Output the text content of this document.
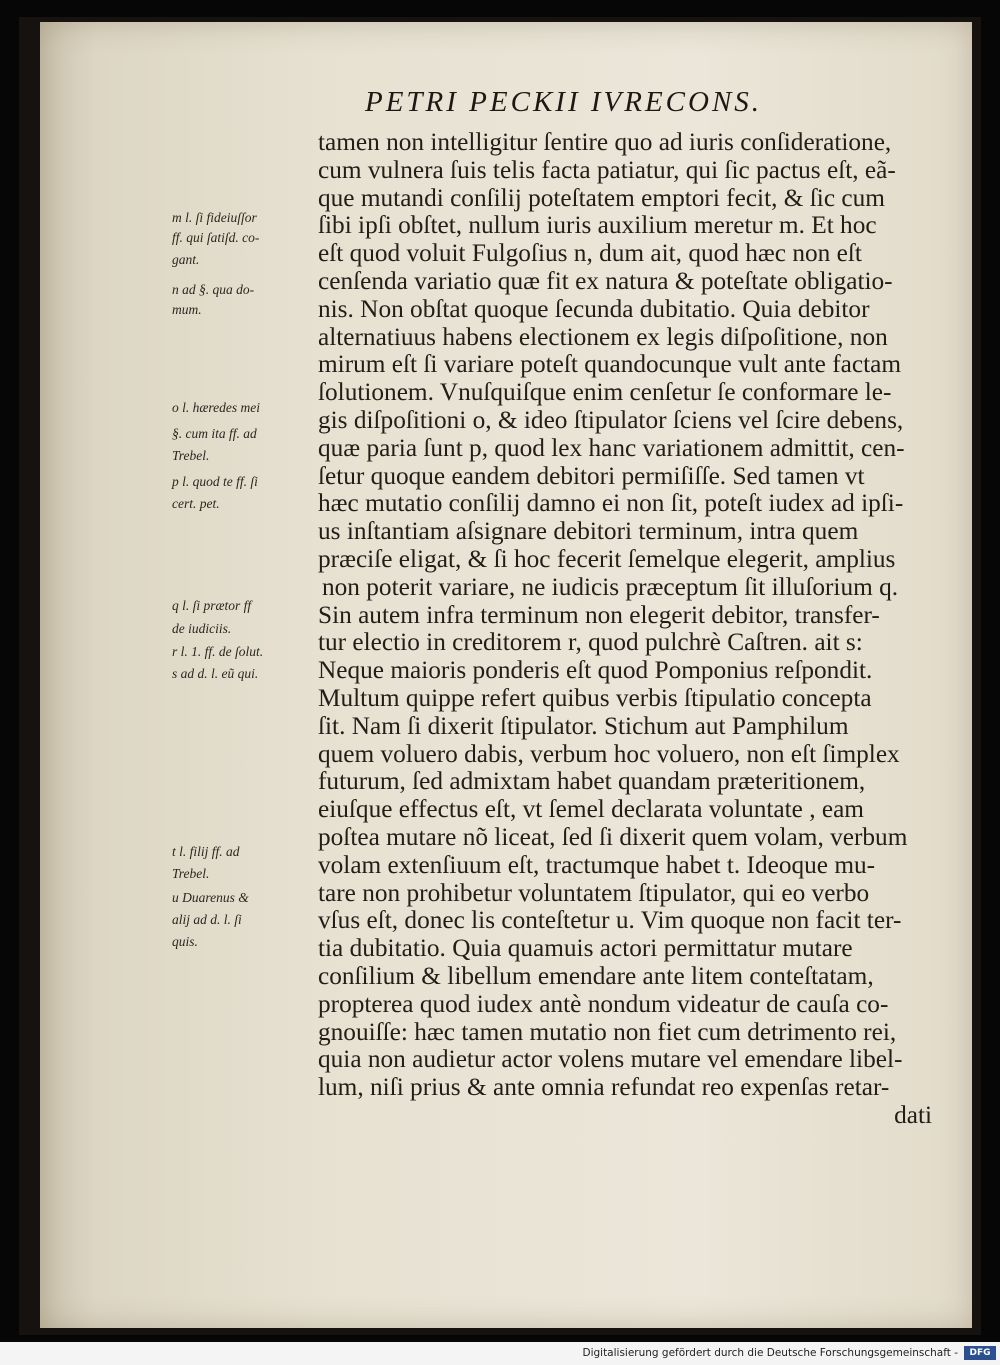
PETRI PECKII IVRECONS.
tamen non intelligitur ſentire quo ad iuris conſideratione,
cum vulnera ſuis telis facta patiatur, qui ſic pactus eſt, eã-
que mutandi conſilij poteſtatem emptori fecit, & ſic cum
ſibi ipſi obſtet, nullum iuris auxilium meretur m. Et hoc
eſt quod voluit Fulgoſius n, dum ait, quod hæc non eſt
cenſenda variatio quæ fit ex natura & poteſtate obligatio-
nis. Non obſtat quoque ſecunda dubitatio. Quia debitor
alternatiuus habens electionem ex legis diſpoſitione, non
mirum eſt ſi variare poteſt quandocunque vult ante factam
ſolutionem. Vnuſquiſque enim cenſetur ſe conformare le-
gis diſpoſitioni o, & ideo ſtipulator ſciens vel ſcire debens,
quæ paria ſunt p, quod lex hanc variationem admittit, cen-
ſetur quoque eandem debitori permiſiſſe. Sed tamen vt
hæc mutatio conſilij damno ei non ſit, poteſt iudex ad ipſi-
us inſtantiam aſsignare debitori terminum, intra quem
præciſe eligat, & ſi hoc fecerit ſemelque elegerit, amplius
non poterit variare, ne iudicis præceptum ſit illuſorium q.
Sin autem infra terminum non elegerit debitor, transfer-
tur electio in creditorem r, quod pulchrè Caſtren. ait s:
Neque maioris ponderis eſt quod Pomponius reſpondit.
Multum quippe refert quibus verbis ſtipulatio concepta
ſit. Nam ſi dixerit ſtipulator. Stichum aut Pamphilum
quem voluero dabis, verbum hoc voluero, non eſt ſimplex
futurum, ſed admixtam habet quandam præteritionem,
eiuſque effectus eſt, vt ſemel declarata voluntate , eam
poſtea mutare nõ liceat, ſed ſi dixerit quem volam, verbum
volam extenſiuum eſt, tractumque habet t. Ideoque mu-
tare non prohibetur voluntatem ſtipulator, qui eo verbo
vſus eſt, donec lis conteſtetur u. Vim quoque non facit ter-
tia dubitatio. Quia quamuis actori permittatur mutare
conſilium & libellum emendare ante litem conteſtatam,
propterea quod iudex antè nondum videatur de cauſa co-
gnouiſſe: hæc tamen mutatio non fiet cum detrimento rei,
quia non audietur actor volens mutare vel emendare libel-
lum, niſi prius & ante omnia refundat reo expenſas retar-
dati
m l. ſi fideiuſſor
ff. qui ſatiſd. co-
gant.
n ad §. qua do-
mum.
o l. hæredes mei
§. cum ita ff. ad
Trebel.
p l. quod te ff. ſi
cert. pet.
q l. ſi prætor ff
de iudiciis.
r l. 1. ff. de ſolut.
s ad d. l. eũ qui.
t l. filij ff. ad
Trebel.
u Duarenus &
alij ad d. l. ſi
quis.
Digitalisierung gefördert durch die Deutsche Forschungsgemeinschaft -	DFG
